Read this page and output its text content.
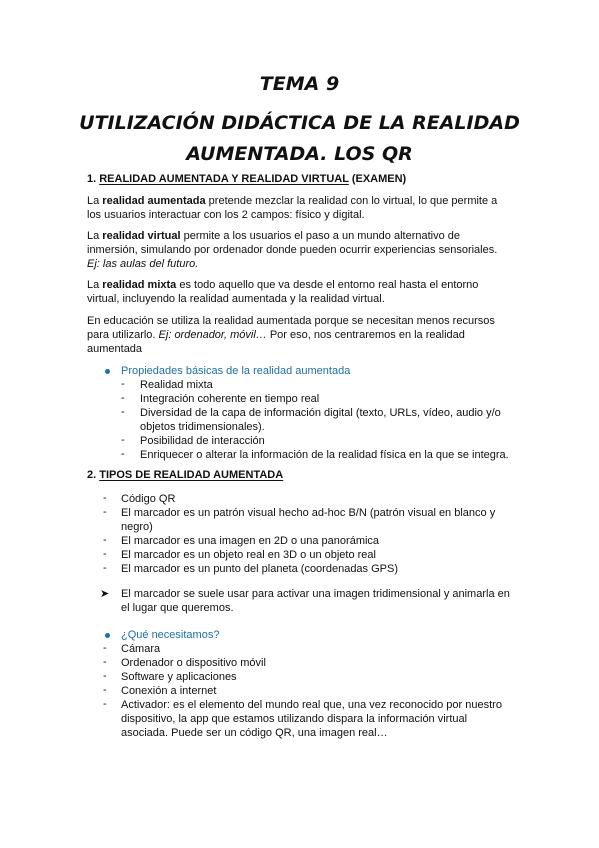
TEMA 9
UTILIZACIÓN DIDÁCTICA DE LA REALIDAD AUMENTADA. LOS QR
1. REALIDAD AUMENTADA Y REALIDAD VIRTUAL (EXAMEN)
La realidad aumentada pretende mezclar la realidad con lo virtual, lo que permite a los usuarios interactuar con los 2 campos: físico y digital.
La realidad virtual permite a los usuarios el paso a un mundo alternativo de inmersión, simulando por ordenador donde pueden ocurrir experiencias sensoriales. Ej: las aulas del futuro.
La realidad mixta es todo aquello que va desde el entorno real hasta el entorno virtual, incluyendo la realidad aumentada y la realidad virtual.
En educación se utiliza la realidad aumentada porque se necesitan menos recursos para utilizarlo. Ej: ordenador, móvil… Por eso, nos centraremos en la realidad aumentada
Propiedades básicas de la realidad aumentada
- Realidad mixta
- Integración coherente en tiempo real
- Diversidad de la capa de información digital (texto, URLs, vídeo, audio y/o objetos tridimensionales).
- Posibilidad de interacción
- Enriquecer o alterar la información de la realidad física en la que se integra.
2. TIPOS DE REALIDAD AUMENTADA
- Código QR
- El marcador es un patrón visual hecho ad-hoc B/N (patrón visual en blanco y negro)
- El marcador es una imagen en 2D o una panorámica
- El marcador es un objeto real en 3D o un objeto real
- El marcador es un punto del planeta (coordenadas GPS)
➤ El marcador se suele usar para activar una imagen tridimensional y animarla en el lugar que queremos.
¿Qué necesitamos?
- Cámara
- Ordenador o dispositivo móvil
- Software y aplicaciones
- Conexión a internet
- Activador: es el elemento del mundo real que, una vez reconocido por nuestro dispositivo, la app que estamos utilizando dispara la información virtual asociada. Puede ser un código QR, una imagen real…
